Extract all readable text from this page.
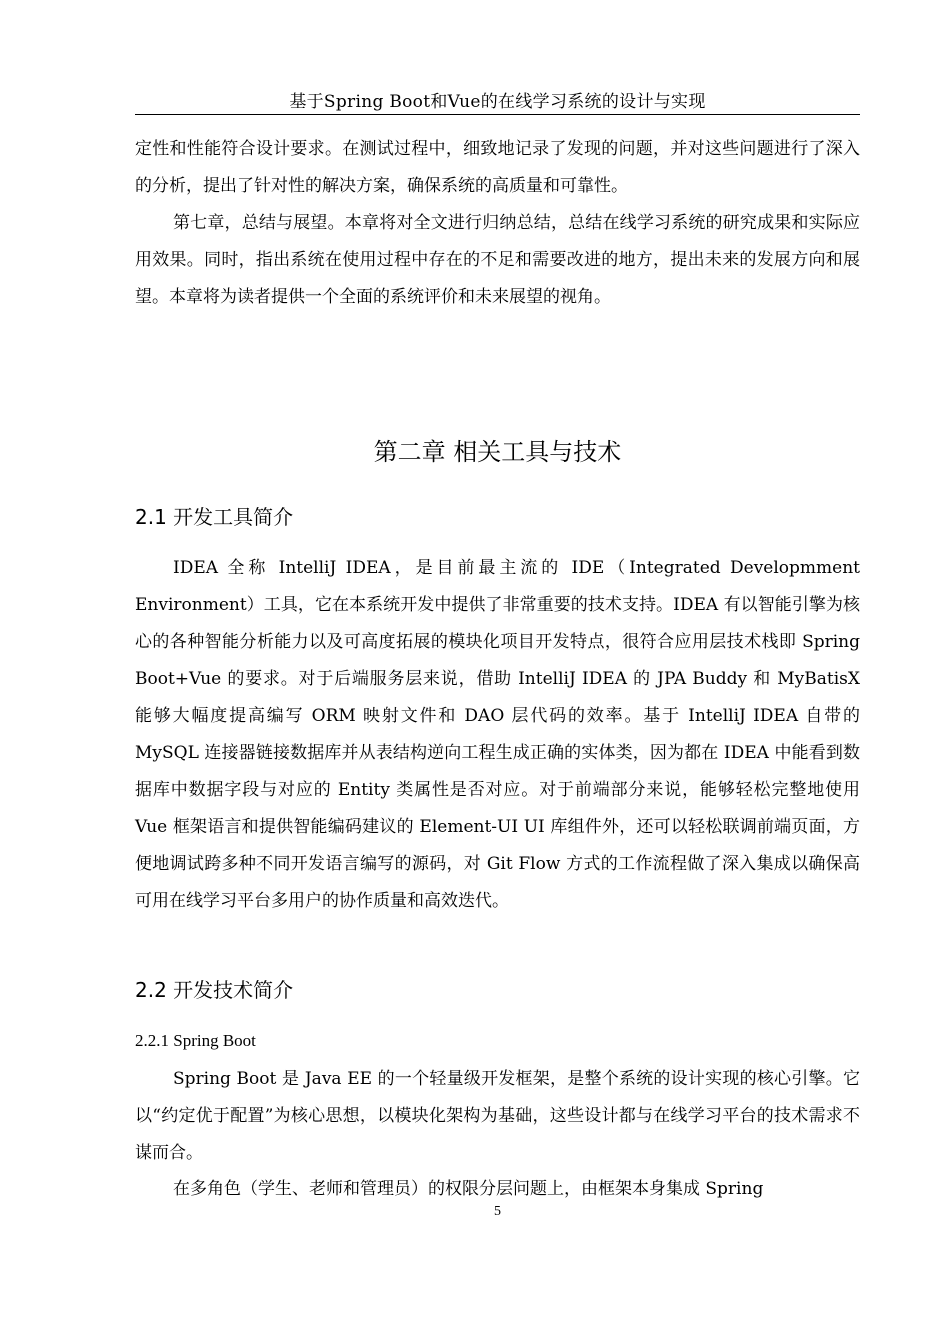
基于Spring Boot和Vue的在线学习系统的设计与实现

定性和性能符合设计要求。在测试过程中，细致地记录了发现的问题，并对这些问题进行了深入的分析，提出了针对性的解决方案，确保系统的高质量和可靠性。

第七章，总结与展望。本章将对全文进行归纳总结，总结在线学习系统的研究成果和实际应用效果。同时，指出系统在使用过程中存在的不足和需要改进的地方，提出未来的发展方向和展望。本章将为读者提供一个全面的系统评价和未来展望的视角。

第二章 相关工具与技术
2.1 开发工具简介

IDEA 全称 IntelliJ IDEA，是目前最主流的 IDE（Integrated Developmment Environment）工具，它在本系统开发中提供了非常重要的技术支持。IDEA 有以智能引擎为核心的各种智能分析能力以及可高度拓展的模块化项目开发特点，很符合应用层技术栈即 Spring Boot+Vue 的要求。对于后端服务层来说，借助 IntelliJ IDEA 的 JPA Buddy 和 MyBatisX 能够大幅度提高编写 ORM 映射文件和 DAO 层代码的效率。基于 IntelliJ IDEA 自带的 MySQL 连接器链接数据库并从表结构逆向工程生成正确的实体类，因为都在 IDEA 中能看到数据库中数据字段与对应的 Entity 类属性是否对应。对于前端部分来说，能够轻松完整地使用 Vue 框架语言和提供智能编码建议的 Element-UI UI 库组件外，还可以轻松联调前端页面，方便地调试跨多种不同开发语言编写的源码，对 Git Flow 方式的工作流程做了深入集成以确保高可用在线学习平台多用户的协作质量和高效迭代。

2.2 开发技术简介
2.2.1 Spring Boot

Spring Boot 是 Java EE 的一个轻量级开发框架，是整个系统的设计实现的核心引擎。它以“约定优于配置”为核心思想，以模块化架构为基础，这些设计都与在线学习平台的技术需求不谋而合。

在多角色（学生、老师和管理员）的权限分层问题上，由框架本身集成 Spring

5
